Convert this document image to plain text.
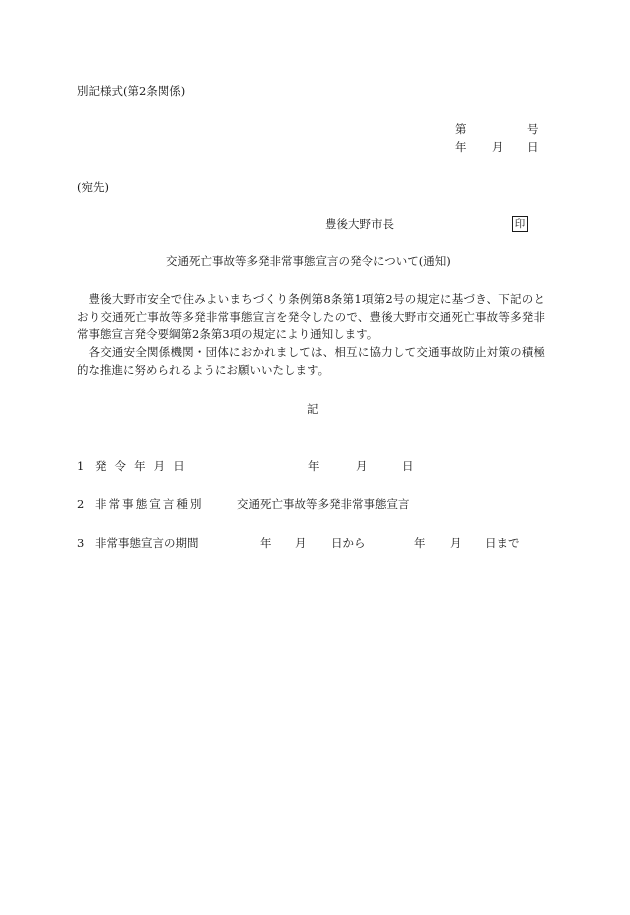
別記様式(第2条関係)
第	号
年 月 日
(宛先)
豊後大野市長	印
交通死亡事故等多発非常事態宣言の発令について(通知)
豊後大野市安全で住みよいまちづくり条例第8条第1項第2号の規定に基づき、下記のとおり交通死亡事故等多発非常事態宣言を発令したので、豊後大野市交通死亡事故等多発非常事態宣言発令要綱第2条第3項の規定により通知します。
各交通安全関係機関・団体におかれましては、相互に協力して交通事故防止対策の積極的な推進に努められるようにお願いいたします。
記
1 発令年月日	年	月	日
2 非常事態宣言種別	交通死亡事故等多発非常事態宣言
3 非常事態宣言の期間	年 月 日から	年 月 日まで
